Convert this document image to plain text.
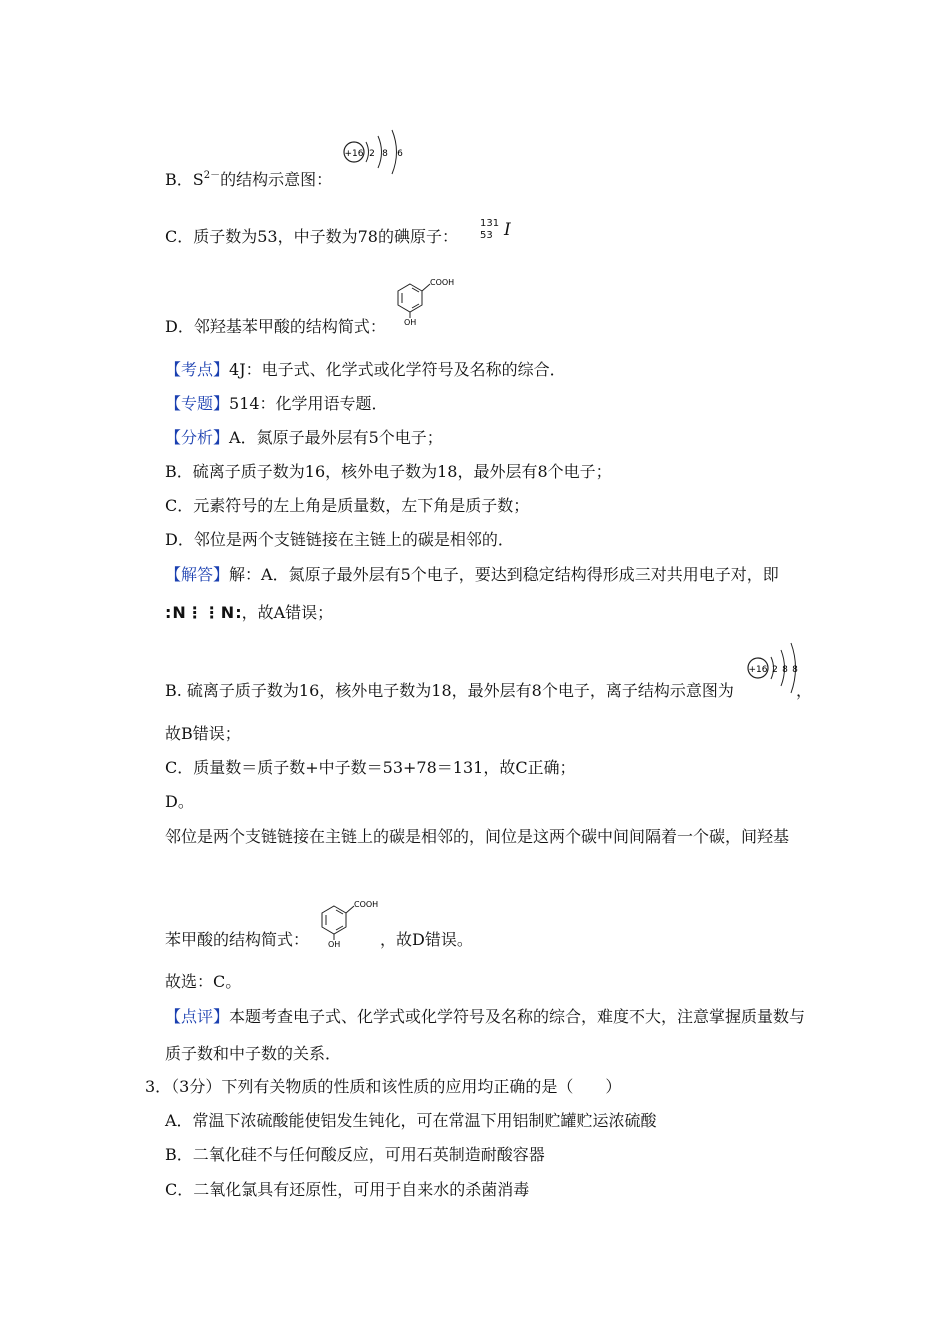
B．$S^{2-}$的结构示意图：
+16 2 8 6
C．质子数为53，中子数为78的碘原子：
131
53 I
D．邻羟基苯甲酸的结构简式：
COOH
OH
【考点】4J：电子式、化学式或化学符号及名称的综合．
【专题】514：化学用语专题．
【分析】A．氮原子最外层有5个电子；
B．硫离子质子数为16，核外电子数为18，最外层有8个电子；
C．元素符号的左上角是质量数，左下角是质子数；
D．邻位是两个支链链接在主链上的碳是相邻的．
【解答】解：A．氮原子最外层有5个电子，要达到稳定结构得形成三对共用电子对，即
:N⋮⋮N:，故A错误；
B. 硫离子质子数为16，核外电子数为18，最外层有8个电子，离子结构示意图为
+16 2 8 8
，
故B错误；
C．质量数＝质子数+中子数＝53+78＝131，故C正确；
D。
邻位是两个支链链接在主链上的碳是相邻的，间位是这两个碳中间间隔着一个碳，间羟基
苯甲酸的结构简式：
COOH
OH ，故D错误。
故选：C。
【点评】本题考查电子式、化学式或化学符号及名称的综合，难度不大，注意掌握质量数与
质子数和中子数的关系．
3．（3分）下列有关物质的性质和该性质的应用均正确的是（　　）
A．常温下浓硫酸能使铝发生钝化，可在常温下用铝制贮罐贮运浓硫酸
B．二氧化硅不与任何酸反应，可用石英制造耐酸容器
C．二氧化氯具有还原性，可用于自来水的杀菌消毒
